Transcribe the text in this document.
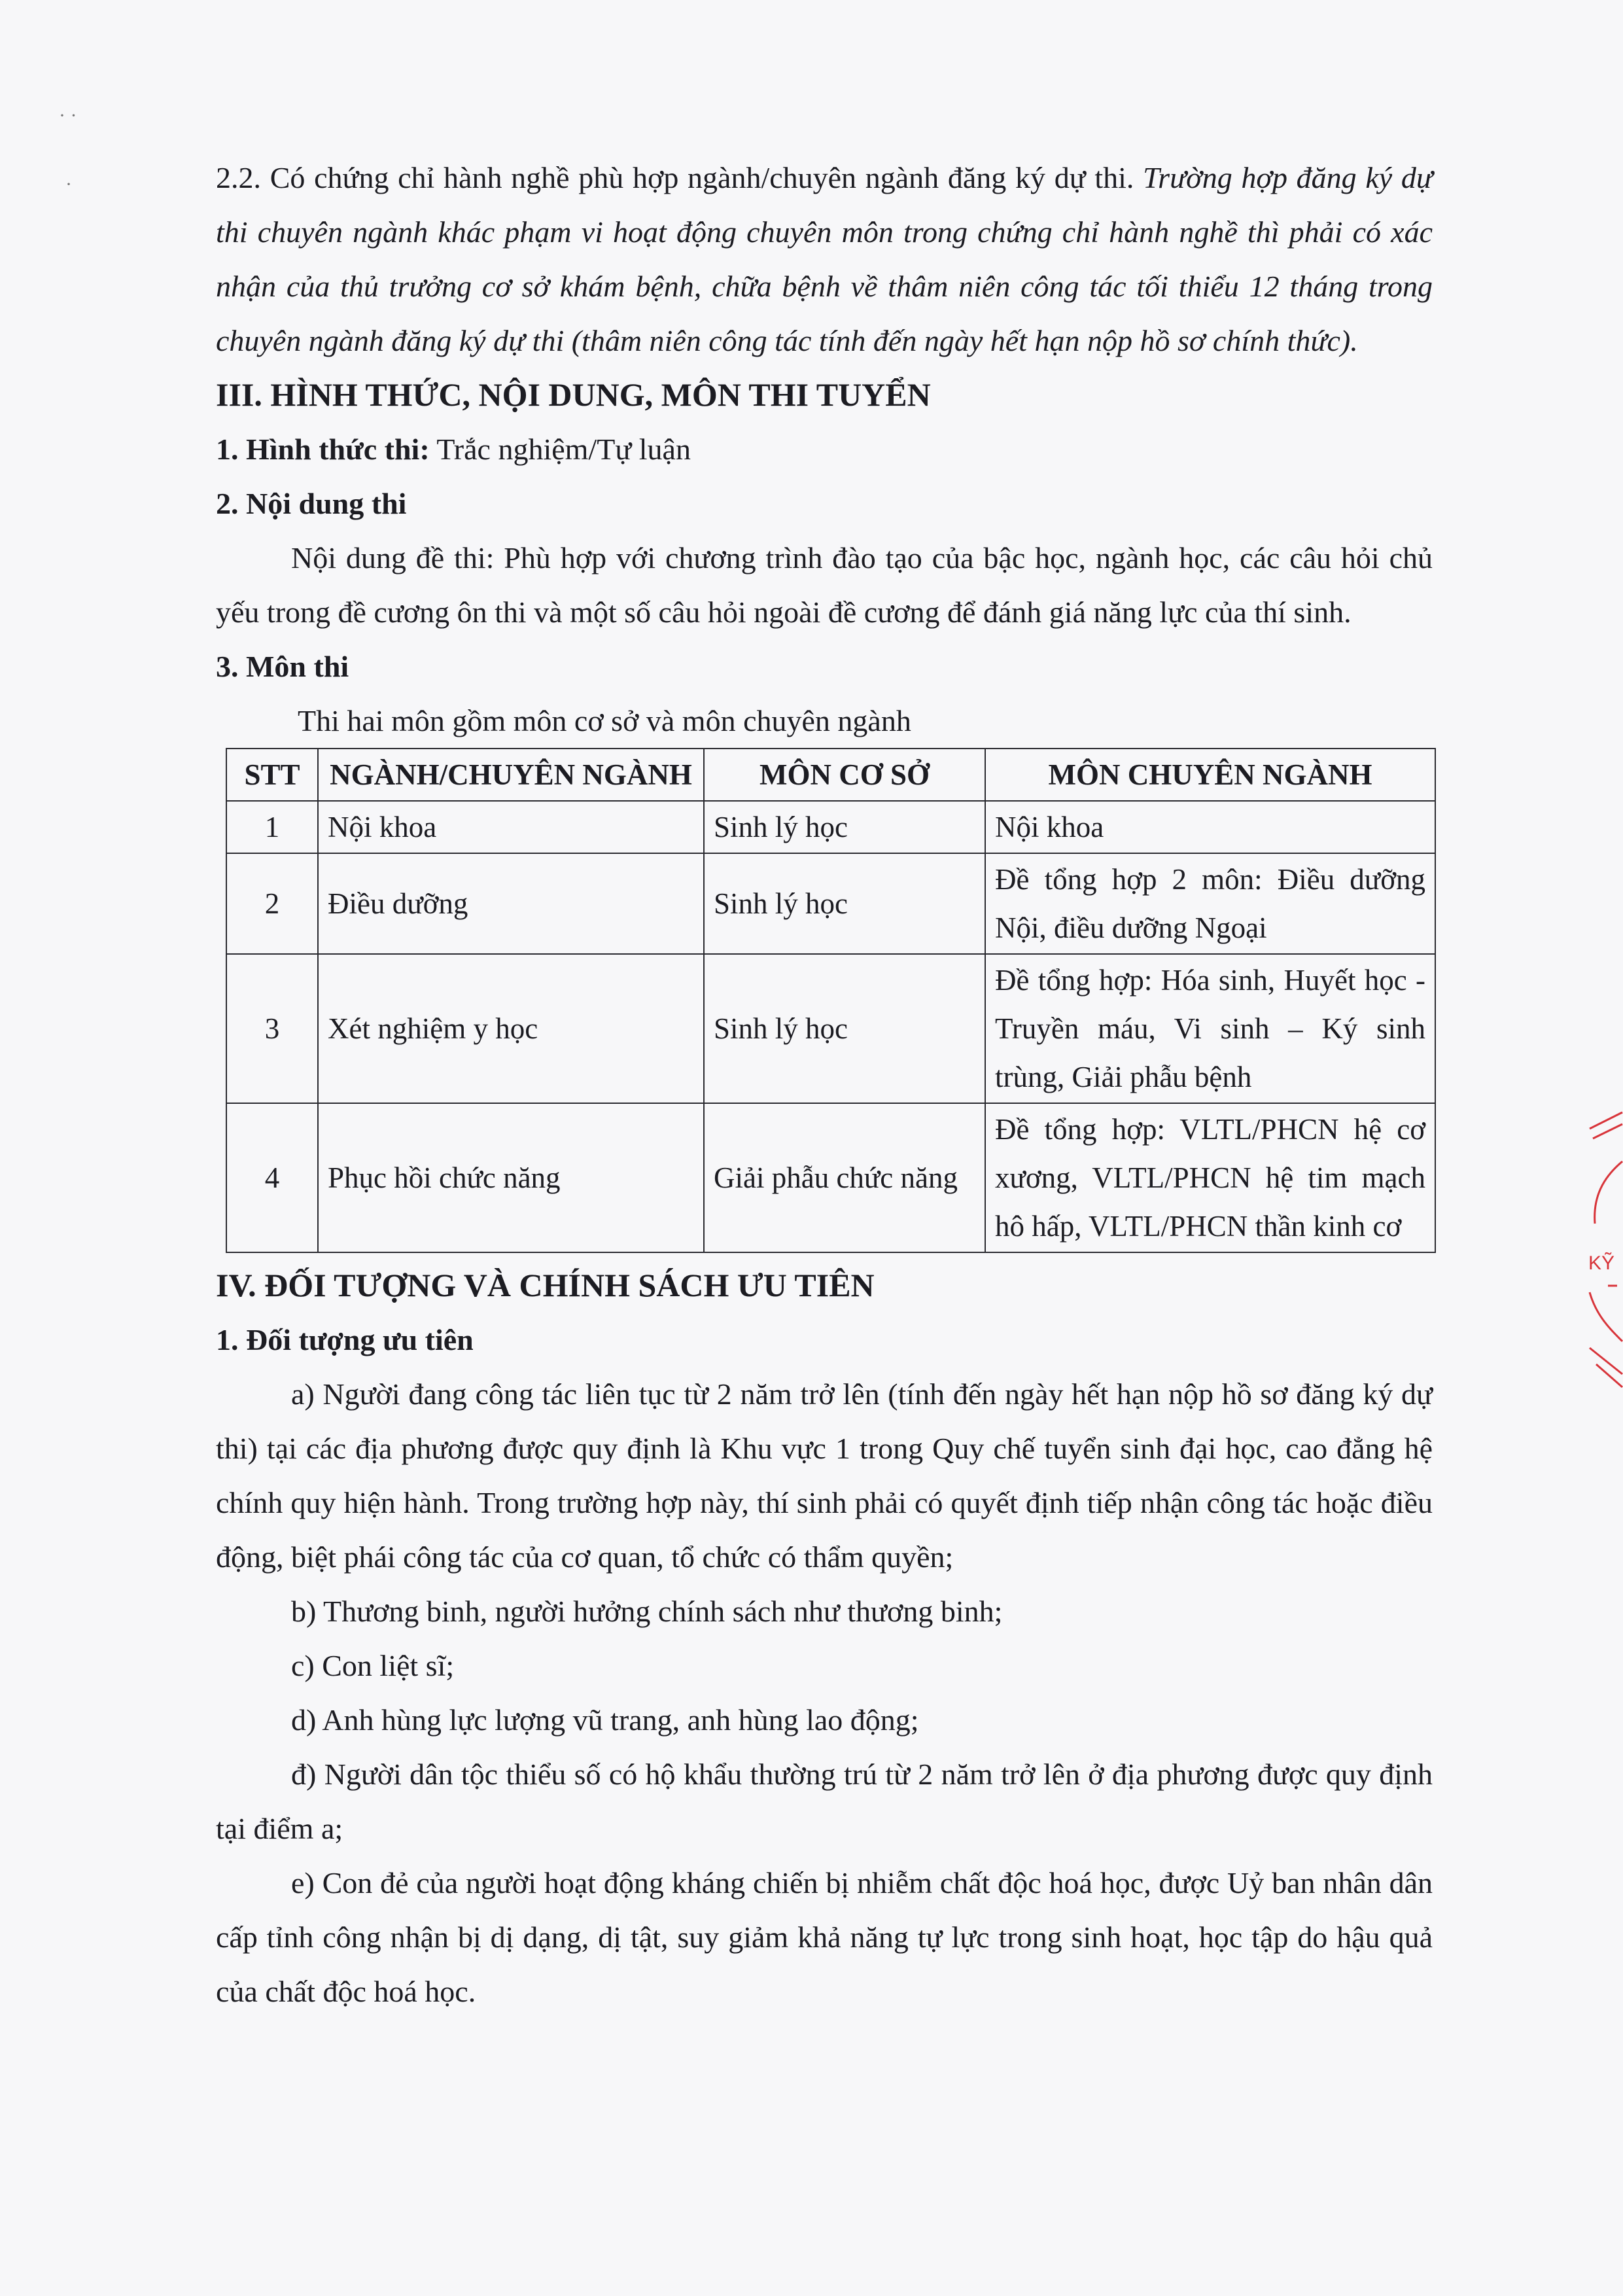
· ·
·	2.2. Có chứng chỉ hành nghề phù hợp ngành/chuyên ngành đăng ký dự thi. Trường hợp đăng ký dự thi chuyên ngành khác phạm vi hoạt động chuyên môn trong chứng chỉ hành nghề thì phải có xác nhận của thủ trưởng cơ sở khám bệnh, chữa bệnh về thâm niên công tác tối thiểu 12 tháng trong chuyên ngành đăng ký dự thi (thâm niên công tác tính đến ngày hết hạn nộp hồ sơ chính thức).

III. HÌNH THỨC, NỘI DUNG, MÔN THI TUYỂN

1. Hình thức thi: Trắc nghiệm/Tự luận

2. Nội dung thi

Nội dung đề thi: Phù hợp với chương trình đào tạo của bậc học, ngành học, các câu hỏi chủ yếu trong đề cương ôn thi và một số câu hỏi ngoài đề cương để đánh giá năng lực của thí sinh.

3. Môn thi

Thi hai môn gồm môn cơ sở và môn chuyên ngành

STT	NGÀNH/CHUYÊN NGÀNH	MÔN CƠ SỞ	MÔN CHUYÊN NGÀNH
1	Nội khoa	Sinh lý học	Nội khoa
2	Điều dưỡng	Sinh lý học	Đề tổng hợp 2 môn: Điều dưỡng Nội, điều dưỡng Ngoại
3	Xét nghiệm y học	Sinh lý học	Đề tổng hợp: Hóa sinh, Huyết học -Truyền máu, Vi sinh – Ký sinh trùng, Giải phẫu bệnh
4	Phục hồi chức năng	Giải phẫu chức năng	Đề tổng hợp: VLTL/PHCN hệ cơ xương, VLTL/PHCN hệ tim mạch hô hấp, VLTL/PHCN thần kinh cơ

IV. ĐỐI TƯỢNG VÀ CHÍNH SÁCH ƯU TIÊN

1. Đối tượng ưu tiên

a) Người đang công tác liên tục từ 2 năm trở lên (tính đến ngày hết hạn nộp hồ sơ đăng ký dự thi) tại các địa phương được quy định là Khu vực 1 trong Quy chế tuyển sinh đại học, cao đẳng hệ chính quy hiện hành. Trong trường hợp này, thí sinh phải có quyết định tiếp nhận công tác hoặc điều động, biệt phái công tác của cơ quan, tổ chức có thẩm quyền;

b) Thương binh, người hưởng chính sách như thương binh;

c) Con liệt sĩ;

d) Anh hùng lực lượng vũ trang, anh hùng lao động;

đ) Người dân tộc thiểu số có hộ khẩu thường trú từ 2 năm trở lên ở địa phương được quy định tại điểm a;

e) Con đẻ của người hoạt động kháng chiến bị nhiễm chất độc hoá học, được Uỷ ban nhân dân cấp tỉnh công nhận bị dị dạng, dị tật, suy giảm khả năng tự lực trong sinh hoạt, học tập do hậu quả của chất độc hoá học.

KỸ
